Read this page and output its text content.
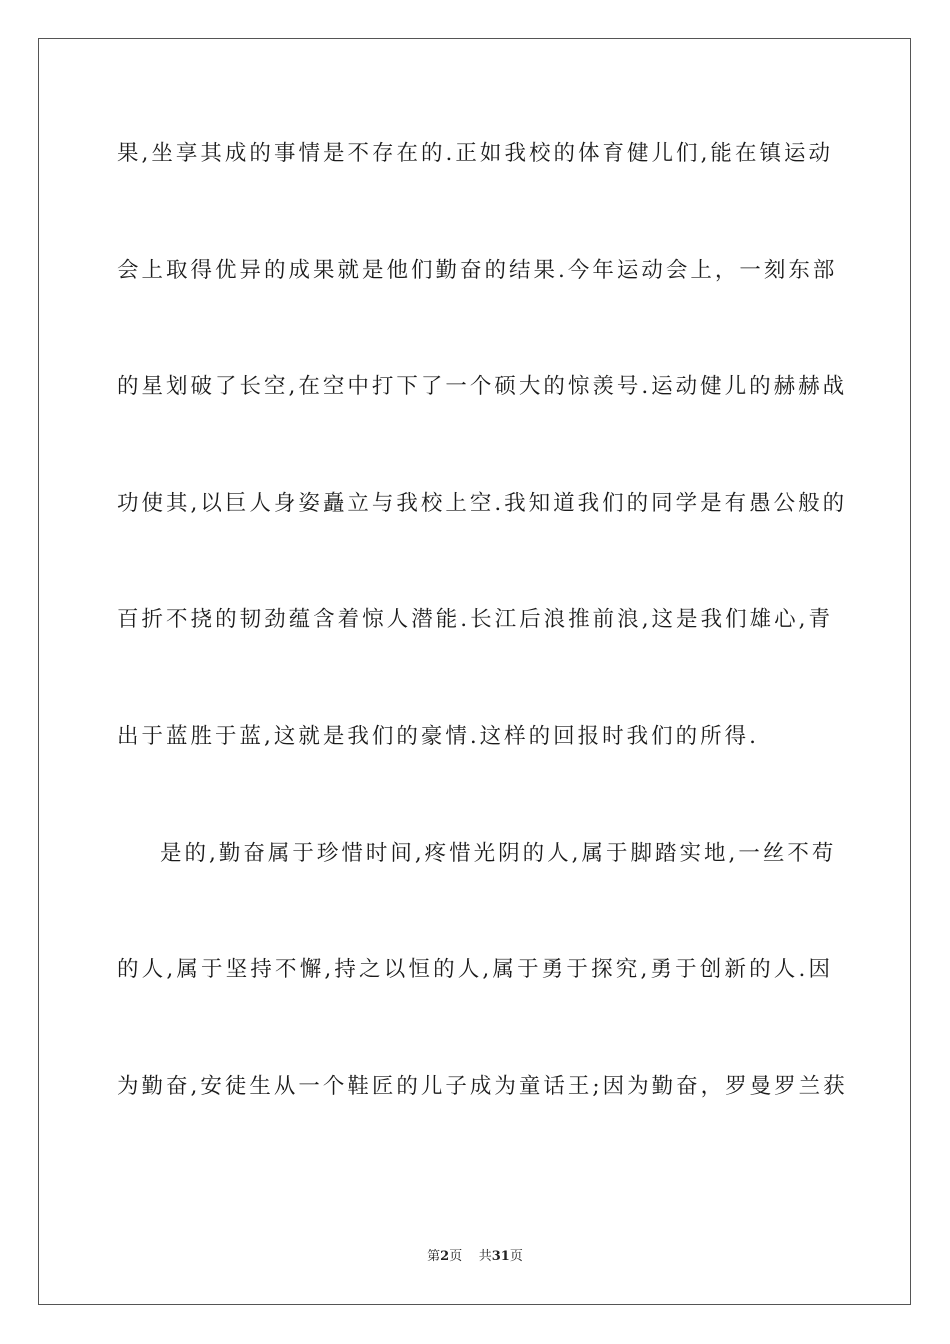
果,坐享其成的事情是不存在的.正如我校的体育健儿们,能在镇运动
会上取得优异的成果就是他们勤奋的结果.今年运动会上，一刻东部
的星划破了长空,在空中打下了一个硕大的惊羡号.运动健儿的赫赫战
功使其,以巨人身姿矗立与我校上空.我知道我们的同学是有愚公般的
百折不挠的韧劲蕴含着惊人潜能.长江后浪推前浪,这是我们雄心,青
出于蓝胜于蓝,这就是我们的豪情.这样的回报时我们的所得.
是的,勤奋属于珍惜时间,疼惜光阴的人,属于脚踏实地,一丝不苟
的人,属于坚持不懈,持之以恒的人,属于勇于探究,勇于创新的人.因
为勤奋,安徒生从一个鞋匠的儿子成为童话王;因为勤奋，罗曼罗兰获
第2页 共31页
